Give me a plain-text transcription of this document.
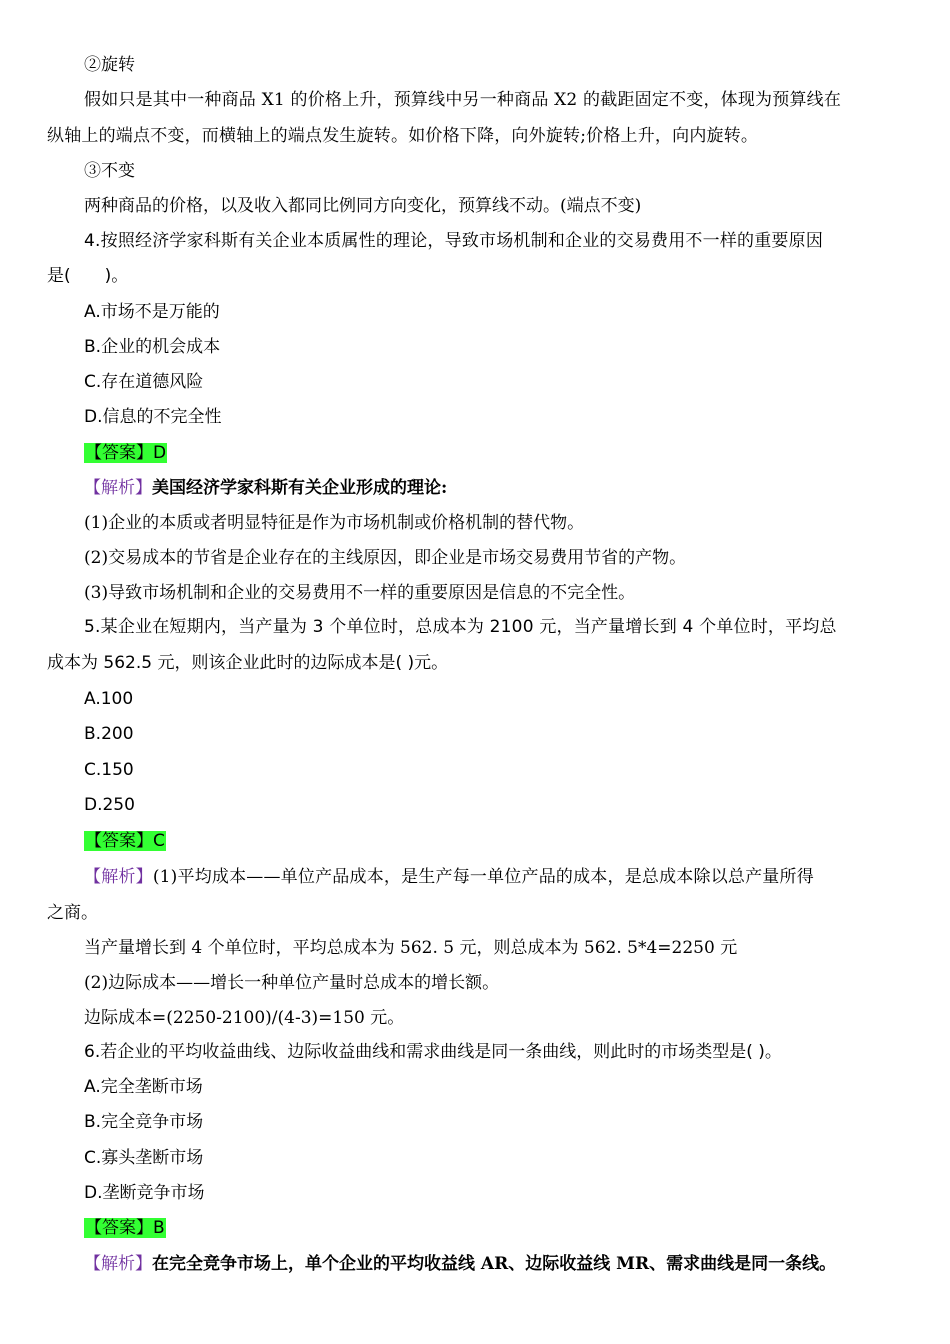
②旋转
假如只是其中一种商品 X1 的价格上升，预算线中另一种商品 X2 的截距固定不变，体现为预算线在
纵轴上的端点不变，而横轴上的端点发生旋转。如价格下降，向外旋转;价格上升，向内旋转。
③不变
两种商品的价格，以及收入都同比例同方向变化，预算线不动。(端点不变)
4.按照经济学家科斯有关企业本质属性的理论，导致市场机制和企业的交易费用不一样的重要原因
是(　　)。
A.市场不是万能的
B.企业的机会成本
C.存在道德风险
D.信息的不完全性
【答案】D
【解析】美国经济学家科斯有关企业形成的理论:
(1)企业的本质或者明显特征是作为市场机制或价格机制的替代物。
(2)交易成本的节省是企业存在的主线原因，即企业是市场交易费用节省的产物。
(3)导致市场机制和企业的交易费用不一样的重要原因是信息的不完全性。
5.某企业在短期内，当产量为 3 个单位时，总成本为 2100 元，当产量增长到 4 个单位时，平均总
成本为 562.5 元，则该企业此时的边际成本是( )元。
A.100
B.200
C.150
D.250
【答案】C
【解析】(1)平均成本——单位产品成本，是生产每一单位产品的成本，是总成本除以总产量所得
之商。
当产量增长到 4 个单位时，平均总成本为 562. 5 元，则总成本为 562. 5*4=2250 元
(2)边际成本——增长一种单位产量时总成本的增长额。
边际成本=(2250-2100)/(4-3)=150 元。
6.若企业的平均收益曲线、边际收益曲线和需求曲线是同一条曲线，则此时的市场类型是( )。
A.完全垄断市场
B.完全竞争市场
C.寡头垄断市场
D.垄断竞争市场
【答案】B
【解析】在完全竞争市场上，单个企业的平均收益线 AR、边际收益线 MR、需求曲线是同一条线。
